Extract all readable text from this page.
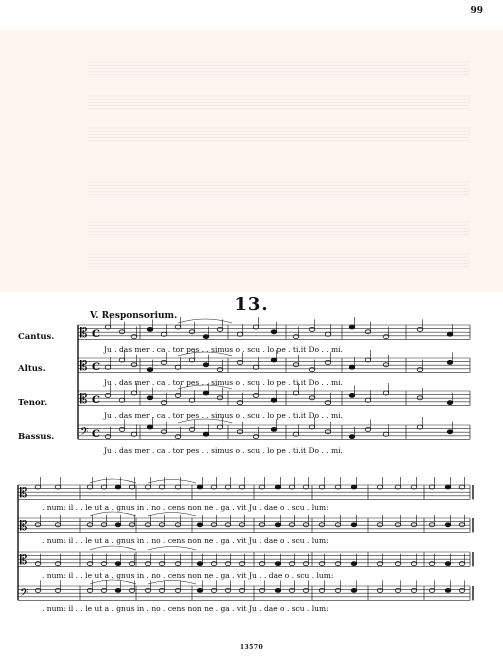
99
13.
V. Responsorium.
Cantus.
Altus.
Tenor.
Bassus.
Ju . das mer . ca . tor pes . . simus o . scu . lo pe . ti.it Do . . mi.
Ju . das mer . ca . tor pes . . simus o . scu . lo pe . ti.it Do . . mi.
Ju . das mer . ca . tor pes . . simus o . scu . lo pe . ti.it Do . . mi.
Ju . das mer . ca . tor pes . . simus o . scu . lo pe . ti.it Do . . mi.
. num: il . . le ut a . gnus in . no . cens non ne . ga . vit Ju . dae o . scu . lum:
. num: il . . le ut a . gnus in . no . cens non ne . ga . vit Ju . dae o . scu . lum:
. num: il . . le ut a . gnus in . no . cens non ne . ga . vit Ju . . dae o . scu . lum:
. num: il . . le ut a . gnus in . no . cens non ne . ga . vit Ju . dae o . scu . lum:
𝄡 C
𝄡 C
𝄡 C
𝄢 C
𝄡
𝄡
𝄡
𝄢
13570
